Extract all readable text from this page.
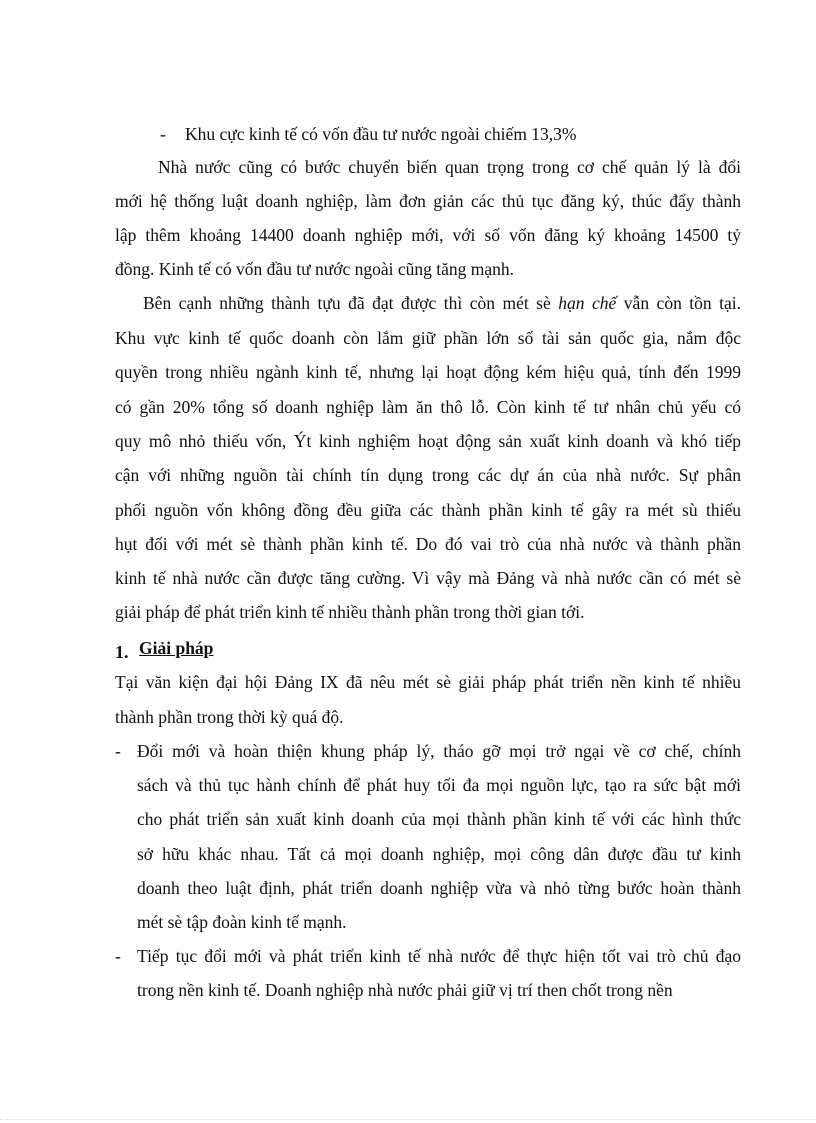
- Khu cực kinh tế có vốn đầu tư nước ngoài chiếm 13,3%
Nhà nước cũng có bước chuyển biến quan trọng trong cơ chế quản lý là đổi
mới hệ thống luật doanh nghiệp, làm đơn giản các thủ tục đăng ký, thúc đẩy thành
lập thêm khoảng 14400 doanh nghiệp mới, với số vốn đăng ký khoảng 14500 tỷ
đồng. Kinh tế có vốn đầu tư nước ngoài cũng tăng mạnh.
Bên cạnh những thành tựu đã đạt được thì còn mét sè hạn chế vẫn còn tồn tại.
Khu vực kinh tế quốc doanh còn lắm giữ phần lớn số tài sản quốc gia, nắm độc
quyền trong nhiều ngành kinh tế, nhưng lại hoạt động kém hiệu quả, tính đến 1999
có gần 20% tổng số doanh nghiệp làm ăn thô lỗ. Còn kinh tế tư nhân chủ yếu có
quy mô nhỏ thiếu vốn, Ýt kinh nghiệm hoạt động sản xuất kinh doanh và khó tiếp
cận với những nguồn tài chính tín dụng trong các dự án của nhà nước. Sự phân
phối nguồn vốn không đồng đều giữa các thành phần kinh tế gây ra mét sù thiếu
hụt đối với mét sè thành phần kinh tế. Do đó vai trò của nhà nước và thành phần
kinh tế nhà nước cần được tăng cường. Vì vậy mà Đảng và nhà nước cần có mét sè
giải pháp để phát triển kinh tế nhiều thành phần trong thời gian tới.
1. Giải pháp
Tại văn kiện đại hội Đảng IX đã nêu mét sè giải pháp phát triển nền kinh tế nhiều
thành phần trong thời kỳ quá độ.
- Đổi mới và hoàn thiện khung pháp lý, tháo gỡ mọi trở ngại về cơ chế, chính
sách và thủ tục hành chính để phát huy tối đa mọi nguồn lực, tạo ra sức bật mới
cho phát triển sản xuất kinh doanh của mọi thành phần kinh tế với các hình thức
sở hữu khác nhau. Tất cả mọi doanh nghiệp, mọi công dân được đầu tư kinh
doanh theo luật định, phát triển doanh nghiệp vừa và nhỏ từng bước hoàn thành
mét sè tập đoàn kinh tế mạnh.
- Tiếp tục đổi mới và phát triển kinh tế nhà nước để thực hiện tốt vai trò chủ đạo
trong nền kinh tế. Doanh nghiệp nhà nước phải giữ vị trí then chốt trong nền
